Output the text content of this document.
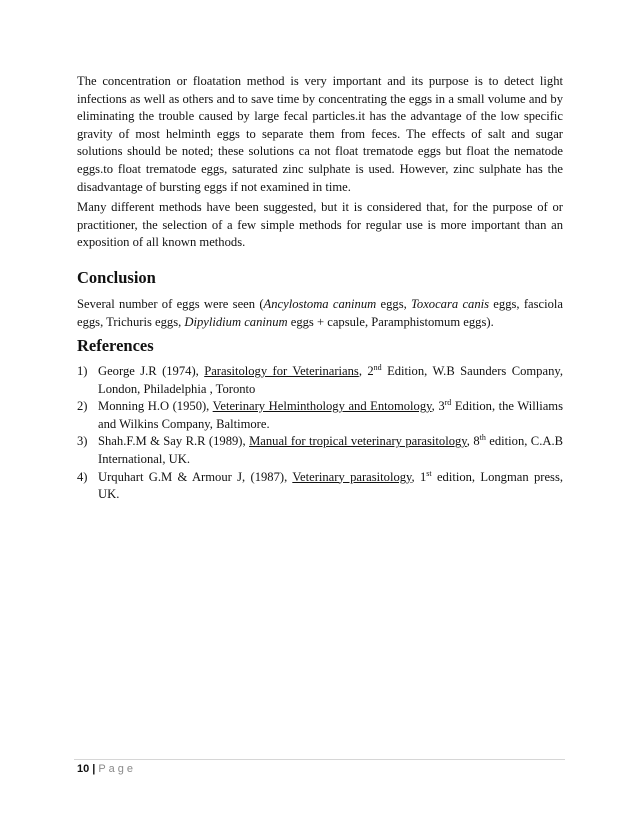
The concentration or floatation method is very important and its purpose is to detect light infections as well as others and to save time by concentrating the eggs in a small volume and by eliminating the trouble caused by large fecal particles.it has the advantage of the low specific gravity of most helminth eggs to separate them from feces. The effects of salt and sugar solutions should be noted; these solutions ca not float trematode eggs but float the nematode eggs.to float trematode eggs, saturated zinc sulphate is used. However, zinc sulphate has the disadvantage of bursting eggs if not examined in time.

Many different methods have been suggested, but it is considered that, for the purpose of or practitioner, the selection of a few simple methods for regular use is more important than an exposition of all known methods.

Conclusion

Several number of eggs were seen (Ancylostoma caninum eggs, Toxocara canis eggs, fasciola eggs, Trichuris eggs, Dipylidium caninum eggs + capsule, Paramphistomum eggs).

References
1) George J.R (1974), Parasitology for Veterinarians, 2nd Edition, W.B Saunders Company, London, Philadelphia , Toronto
2) Monning H.O (1950), Veterinary Helminthology and Entomology, 3rd Edition, the Williams and Wilkins Company, Baltimore.
3) Shah.F.M & Say R.R (1989), Manual for tropical veterinary parasitology, 8th edition, C.A.B International, UK.
4) Urquhart G.M & Armour J, (1987), Veterinary parasitology, 1st edition, Longman press, UK.
10 | Page
